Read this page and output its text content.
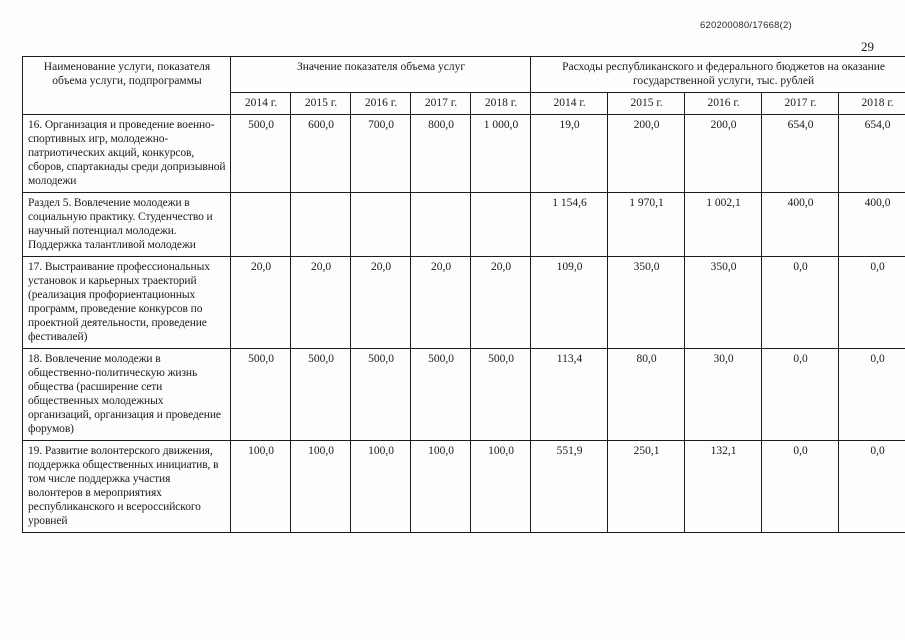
620200080/17668(2)
29
Наименование услуги, показателя объема услуги, подпрограммы	Значение показателя объема услуг					Расходы республиканского и федерального бюджетов на оказание государственной услуги, тыс. рублей				
	2014 г.	2015 г.	2016 г.	2017 г.	2018 г.	2014 г.	2015 г.	2016 г.	2017 г.	2018 г.
16. Организация и проведение военно-спортивных игр, молодежно-патриотических акций, конкурсов, сборов, спартакиады среди допризывной молодежи	500,0	600,0	700,0	800,0	1 000,0	19,0	200,0	200,0	654,0	654,0
Раздел 5. Вовлечение молодежи в социальную практику. Студенчество и научный потенциал молодежи. Поддержка талантливой молодежи						1 154,6	1 970,1	1 002,1	400,0	400,0
17. Выстраивание профессиональных установок и карьерных траекторий (реализация профориентационных программ, проведение конкурсов по проектной деятельности, проведение фестивалей)	20,0	20,0	20,0	20,0	20,0	109,0	350,0	350,0	0,0	0,0
18. Вовлечение молодежи в общественно-политическую жизнь общества (расширение сети общественных молодежных организаций, организация и проведение форумов)	500,0	500,0	500,0	500,0	500,0	113,4	80,0	30,0	0,0	0,0
19. Развитие волонтерского движения, поддержка общественных инициатив, в том числе поддержка участия волонтеров в мероприятиях республиканского и всероссийского уровней	100,0	100,0	100,0	100,0	100,0	551,9	250,1	132,1	0,0	0,0
